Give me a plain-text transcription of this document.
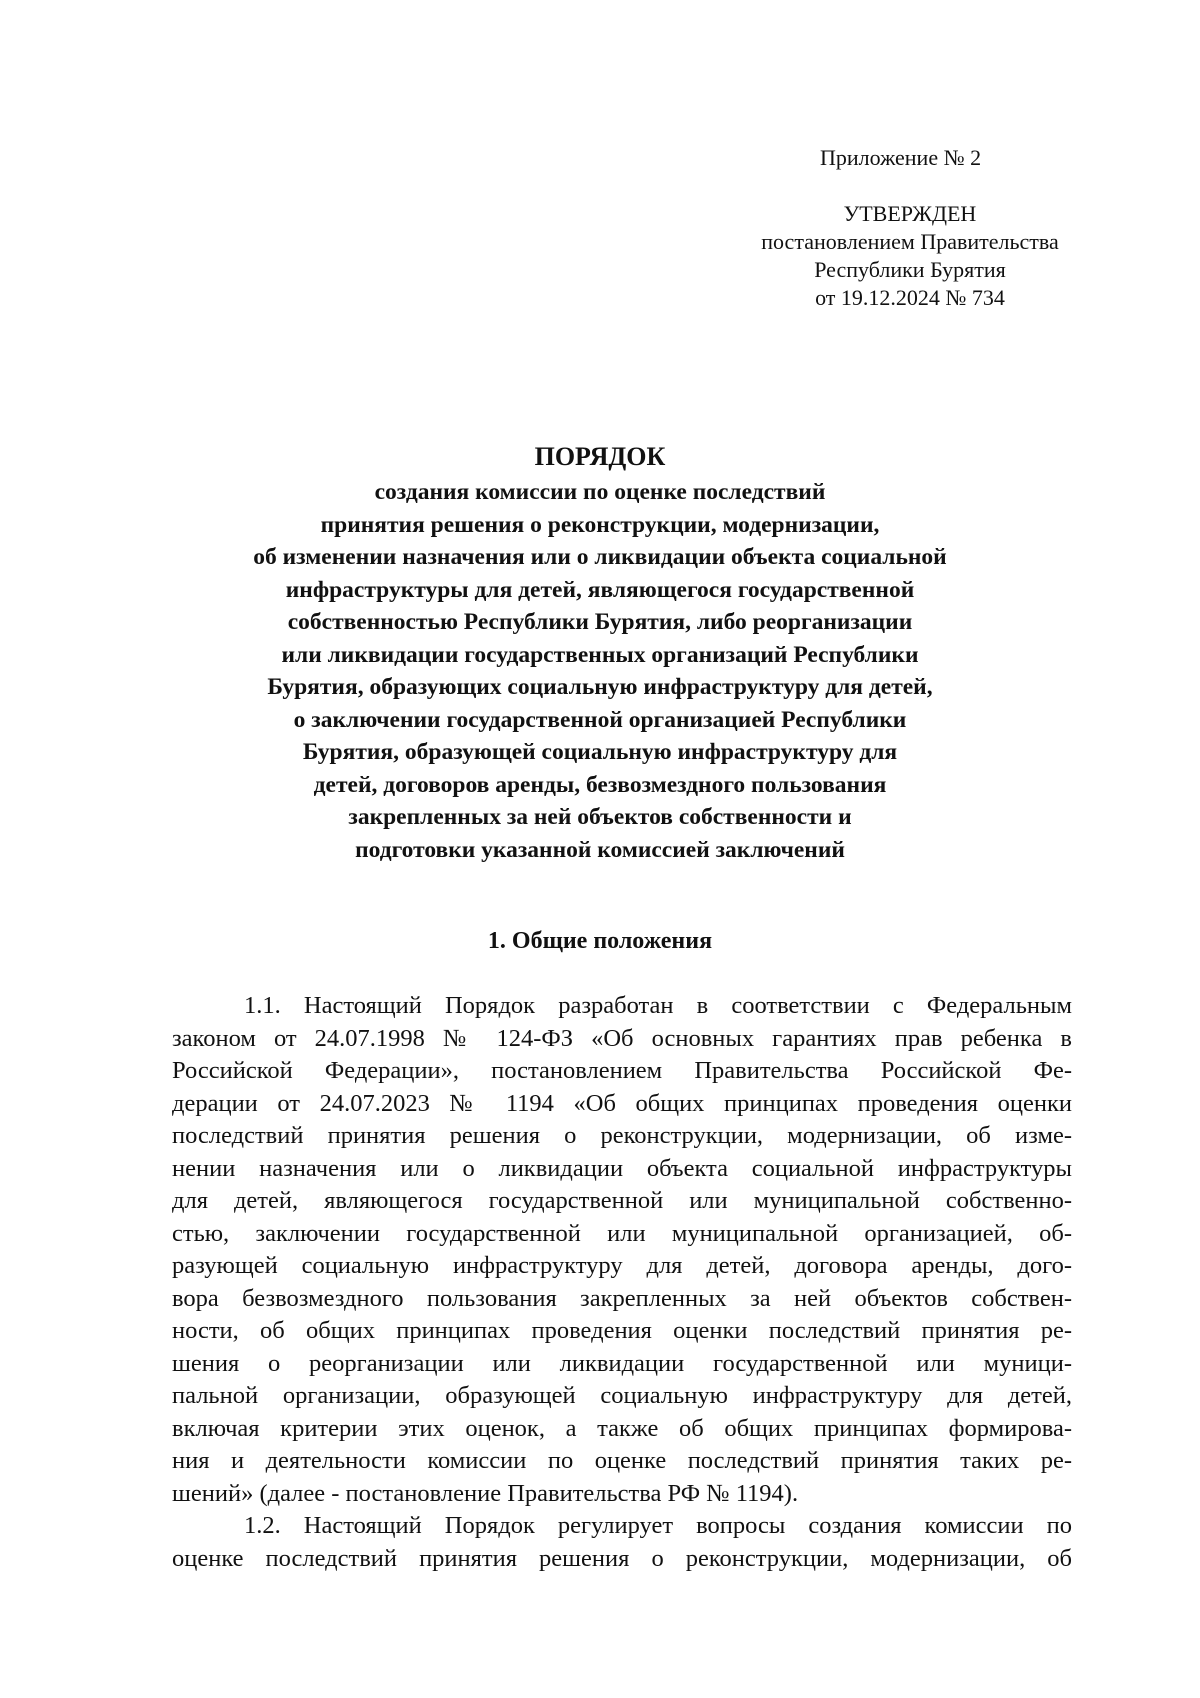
Приложение № 2
УТВЕРЖДЕН
постановлением Правительства
Республики Бурятия
от 19.12.2024 № 734
ПОРЯДОК
создания комиссии по оценке последствий
принятия решения о реконструкции, модернизации,
об изменении назначения или о ликвидации объекта социальной
инфраструктуры для детей, являющегося государственной
собственностью Республики Бурятия, либо реорганизации
или ликвидации государственных организаций Республики
Бурятия, образующих социальную инфраструктуру для детей,
о заключении государственной организацией Республики
Бурятия, образующей социальную инфраструктуру для
детей, договоров аренды, безвозмездного пользования
закрепленных за ней объектов собственности и
подготовки указанной комиссией заключений
1. Общие положения
1.1. Настоящий Порядок разработан в соответствии с Федеральным
законом от 24.07.1998 № 124-ФЗ «Об основных гарантиях прав ребенка в
Российской Федерации», постановлением Правительства Российской Фе-
дерации от 24.07.2023 № 1194 «Об общих принципах проведения оценки
последствий принятия решения о реконструкции, модернизации, об изме-
нении назначения или о ликвидации объекта социальной инфраструктуры
для детей, являющегося государственной или муниципальной собственно-
стью, заключении государственной или муниципальной организацией, об-
разующей социальную инфраструктуру для детей, договора аренды, дого-
вора безвозмездного пользования закрепленных за ней объектов собствен-
ности, об общих принципах проведения оценки последствий принятия ре-
шения о реорганизации или ликвидации государственной или муници-
пальной организации, образующей социальную инфраструктуру для детей,
включая критерии этих оценок, а также об общих принципах формирова-
ния и деятельности комиссии по оценке последствий принятия таких ре-
шений» (далее - постановление Правительства РФ № 1194).
1.2. Настоящий Порядок регулирует вопросы создания комиссии по
оценке последствий принятия решения о реконструкции, модернизации, об
